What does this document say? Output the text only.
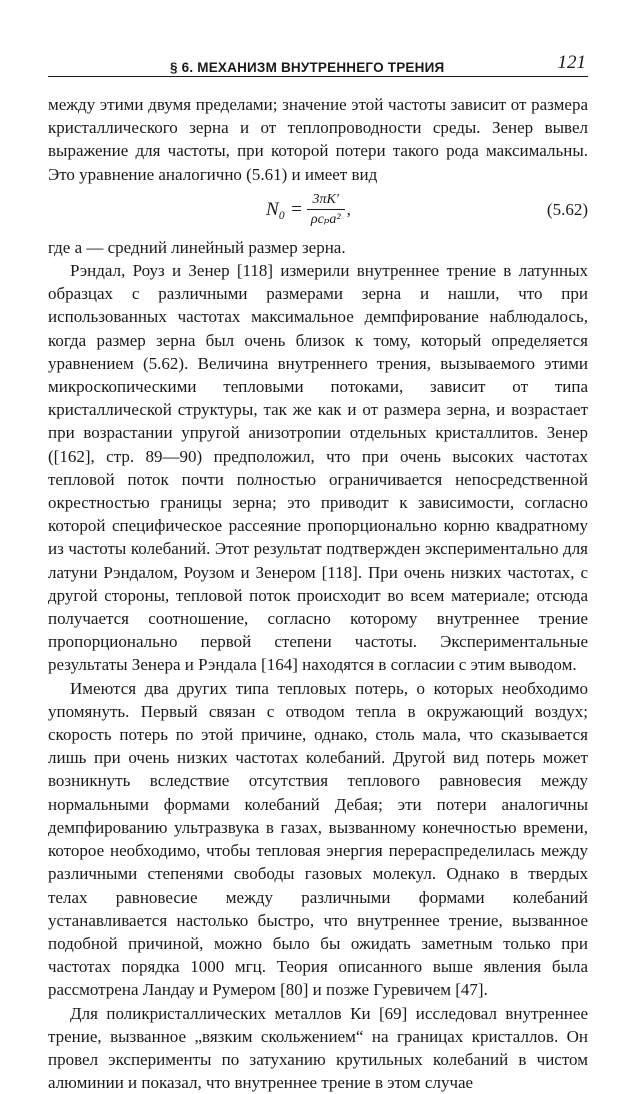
§ 6. МЕХАНИЗМ ВНУТРЕННЕГО ТРЕНИЯ	121

между этими двумя пределами; значение этой частоты зависит от размера кристаллического зерна и от теплопроводности среды. Зенер вывел выражение для частоты, при которой потери такого рода максимальны. Это уравнение аналогично (5.61) и имеет вид

$N_0 = \frac{3\pi K'}{\text{ρcₚa²}}$ ,	(5.62)

где a — средний линейный размер зерна.

Рэндал, Роуз и Зенер [118] измерили внутреннее трение в латунных образцах с различными размерами зерна и нашли, что при использованных частотах максимальное демпфирование наблюдалось, когда размер зерна был очень близок к тому, который определяется уравнением (5.62). Величина внутреннего трения, вызываемого этими микроскопическими тепловыми потоками, зависит от типа кристаллической структуры, так же как и от размера зерна, и возрастает при возрастании упругой анизотропии отдельных кристаллитов. Зенер ([162], стр. 89—90) предположил, что при очень высоких частотах тепловой поток почти полностью ограничивается непосредственной окрестностью границы зерна; это приводит к зависимости, согласно которой специфическое рассеяние пропорционально корню квадратному из частоты колебаний. Этот результат подтвержден экспериментально для латуни Рэндалом, Роузом и Зенером [118]. При очень низких частотах, с другой стороны, тепловой поток происходит во всем материале; отсюда получается соотношение, согласно которому внутреннее трение пропорционально первой степени частоты. Экспериментальные результаты Зенера и Рэндала [164] находятся в согласии с этим выводом.

Имеются два других типа тепловых потерь, о которых необходимо упомянуть. Первый связан с отводом тепла в окружающий воздух; скорость потерь по этой причине, однако, столь мала, что сказывается лишь при очень низких частотах колебаний. Другой вид потерь может возникнуть вследствие отсутствия теплового равновесия между нормальными формами колебаний Дебая; эти потери аналогичны демпфированию ультразвука в газах, вызванному конечностью времени, которое необходимо, чтобы тепловая энергия перераспределилась между различными степенями свободы газовых молекул. Однако в твердых телах равновесие между различными формами колебаний устанавливается настолько быстро, что внутреннее трение, вызванное подобной причиной, можно было бы ожидать заметным только при частотах порядка 1000 мгц. Теория описанного выше явления была рассмотрена Ландау и Румером [80] и позже Гуревичем [47].

Для поликристаллических металлов Ки [69] исследовал внутреннее трение, вызванное „вязким скольжением“ на границах кристаллов. Он провел эксперименты по затуханию крутильных колебаний в чистом алюминии и показал, что внутреннее трение в этом случае
